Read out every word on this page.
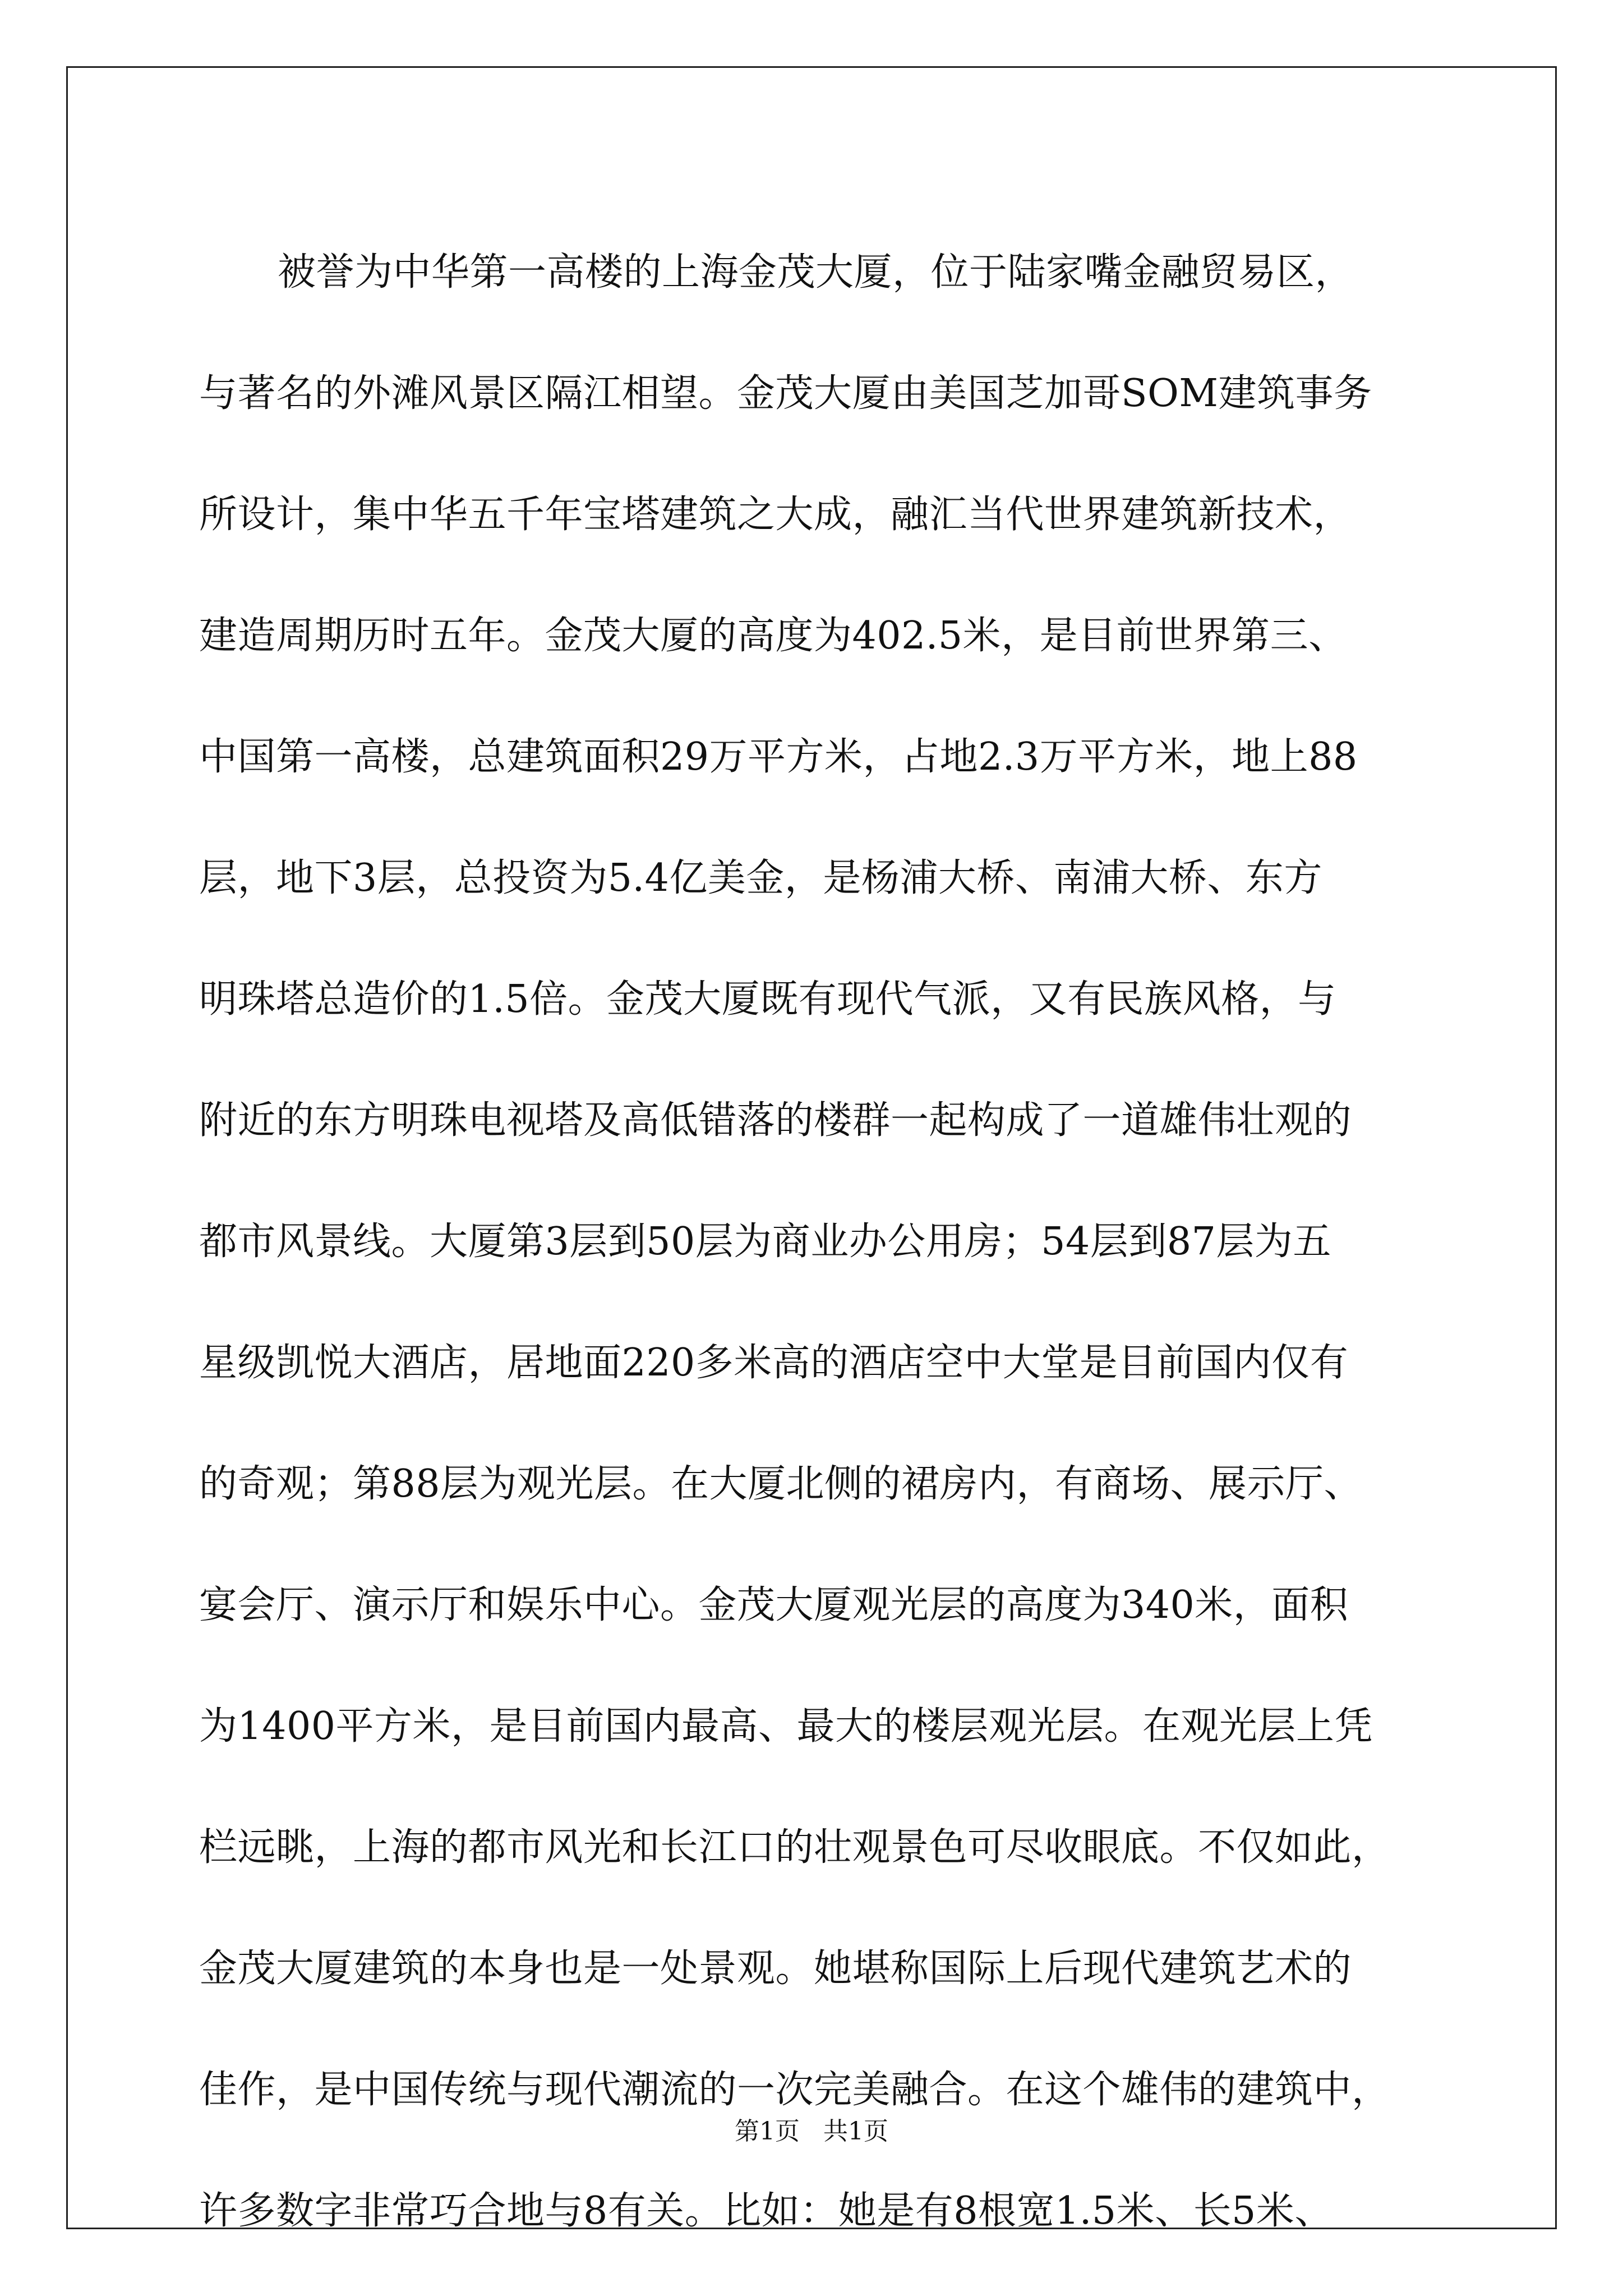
被誉为中华第一高楼的上海金茂大厦，位于陆家嘴金融贸易区，
与著名的外滩风景区隔江相望。金茂大厦由美国芝加哥SOM建筑事务
所设计，集中华五千年宝塔建筑之大成，融汇当代世界建筑新技术，
建造周期历时五年。金茂大厦的高度为402.5米，是目前世界第三、
中国第一高楼，总建筑面积29万平方米，占地2.3万平方米，地上88
层，地下3层，总投资为5.4亿美金，是杨浦大桥、南浦大桥、东方
明珠塔总造价的1.5倍。金茂大厦既有现代气派，又有民族风格，与
附近的东方明珠电视塔及高低错落的楼群一起构成了一道雄伟壮观的
都市风景线。大厦第3层到50层为商业办公用房；54层到87层为五
星级凯悦大酒店，居地面220多米高的酒店空中大堂是目前国内仅有
的奇观；第88层为观光层。在大厦北侧的裙房内，有商场、展示厅、
宴会厅、演示厅和娱乐中心。金茂大厦观光层的高度为340米，面积
为1400平方米，是目前国内最高、最大的楼层观光层。在观光层上凭
栏远眺，上海的都市风光和长江口的壮观景色可尽收眼底。不仅如此，
金茂大厦建筑的本身也是一处景观。她堪称国际上后现代建筑艺术的
佳作，是中国传统与现代潮流的一次完美融合。在这个雄伟的建筑中，
许多数字非常巧合地与8有关。比如：她是有8根宽1.5米、长5米、
第1页   共1页
